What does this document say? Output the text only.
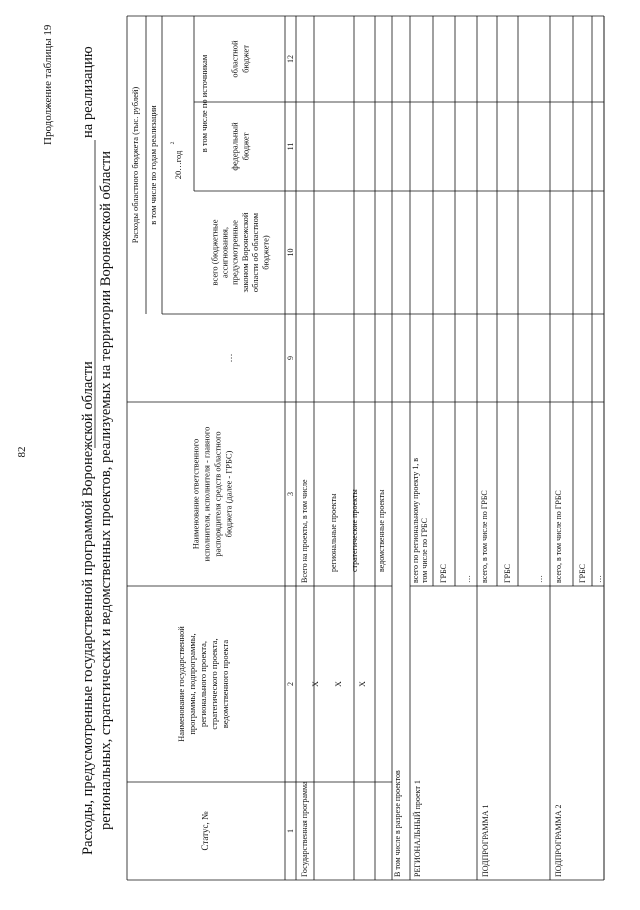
82
Продолжение таблицы 19
Расходы, предусмотренные государственной программой Воронежской области
на реализацию
региональных, стратегических и ведомственных проектов, реализуемых на территории Воронежской области
Статус, №
Наименование государственной программы, подпрограммы, регионального проекта, стратегического проекта, ведомственного проекта
Наименование ответственного исполнителя, исполнителя - главного распорядителя средств областного бюджета (далее - ГРБС)
Расходы областного бюджета (тыс. рублей) в том числе по годам реализации
…
20…год
2
всего (бюджетные ассигнования, предусмотренные законом Воронежской области об областном бюджете)
в том числе по источникам федеральный бюджет
областной бюджет
1
2
3
9
10
11
12
Государственная программа
Всего на проекты, в том числе
X
региональные проекты
X
стратегические проекты
X
ведомственные проекты
В том числе в разрезе проектов РЕГИОНАЛЬНЫЙ проект 1
всего по региональному проекту 1, в том числе по ГРБС ГРБС …
ПОДПРОГРАММА 1
всего, в том числе по ГРБС ГРБС	…
ПОДПРОГРАММА 2
всего, в том числе по ГРБС ГРБС …
